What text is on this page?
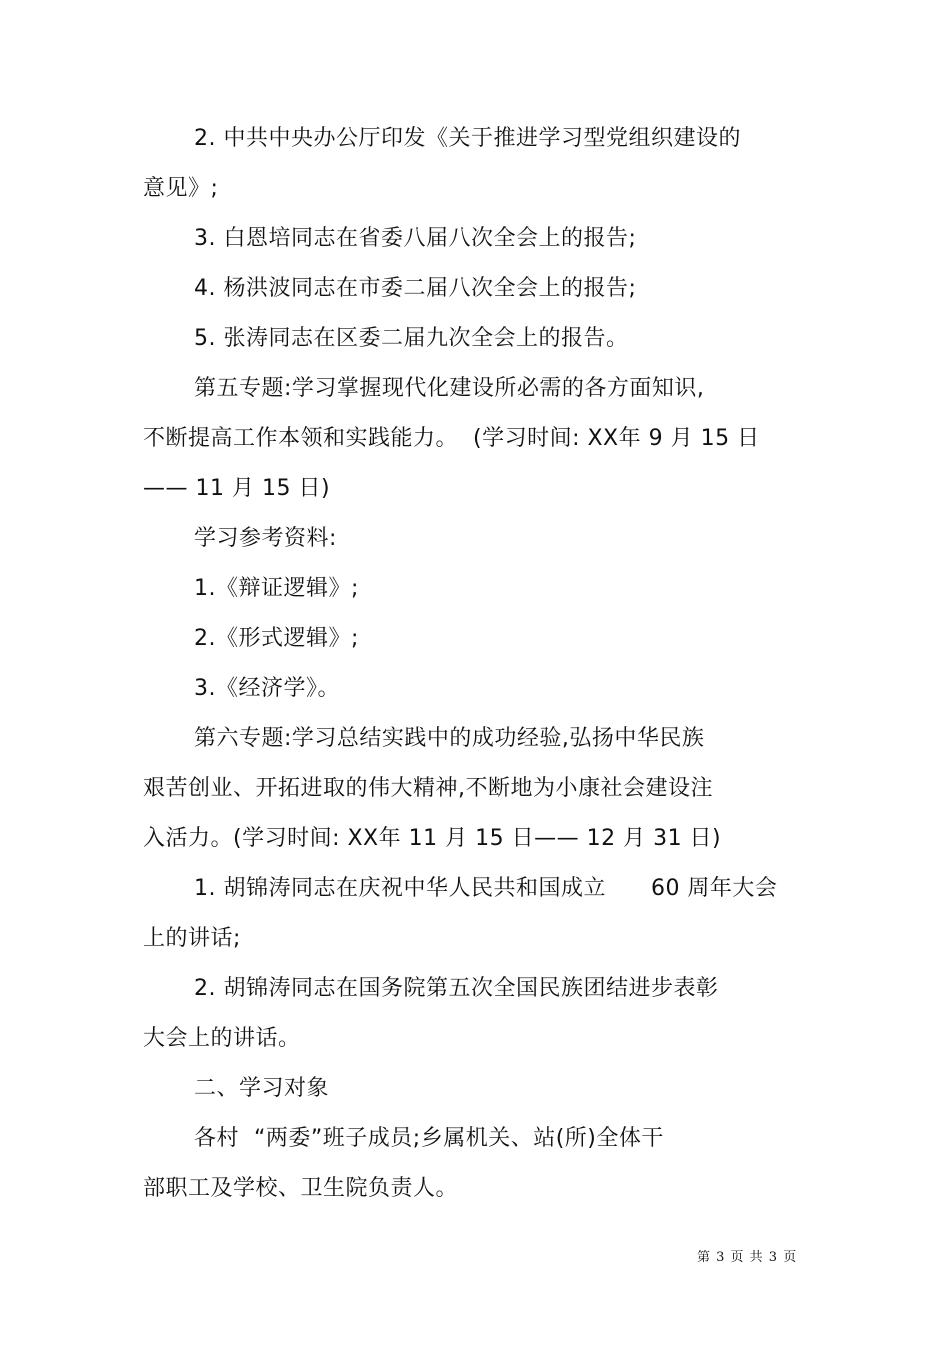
2. 中共中央办公厅印发《关于推进学习型党组织建设的
意见》;
3. 白恩培同志在省委八届八次全会上的报告;
4. 杨洪波同志在市委二届八次全会上的报告;
5. 张涛同志在区委二届九次全会上的报告。
第五专题:学习掌握现代化建设所必需的各方面知识,
不断提高工作本领和实践能力。  (学习时间: XX年 9 月 15 日
—— 11 月 15 日)
学习参考资料:
1.《辩证逻辑》;
2.《形式逻辑》;
3.《经济学》。
第六专题:学习总结实践中的成功经验,弘扬中华民族
艰苦创业、开拓进取的伟大精神,不断地为小康社会建设注
入活力。(学习时间: XX年 11 月 15 日—— 12 月 31 日)
1. 胡锦涛同志在庆祝中华人民共和国成立      60 周年大会
上的讲话;
2. 胡锦涛同志在国务院第五次全国民族团结进步表彰
大会上的讲话。
二、学习对象
各村  “两委”班子成员;乡属机关、站(所)全体干
部职工及学校、卫生院负责人。
第 3 页 共 3 页
